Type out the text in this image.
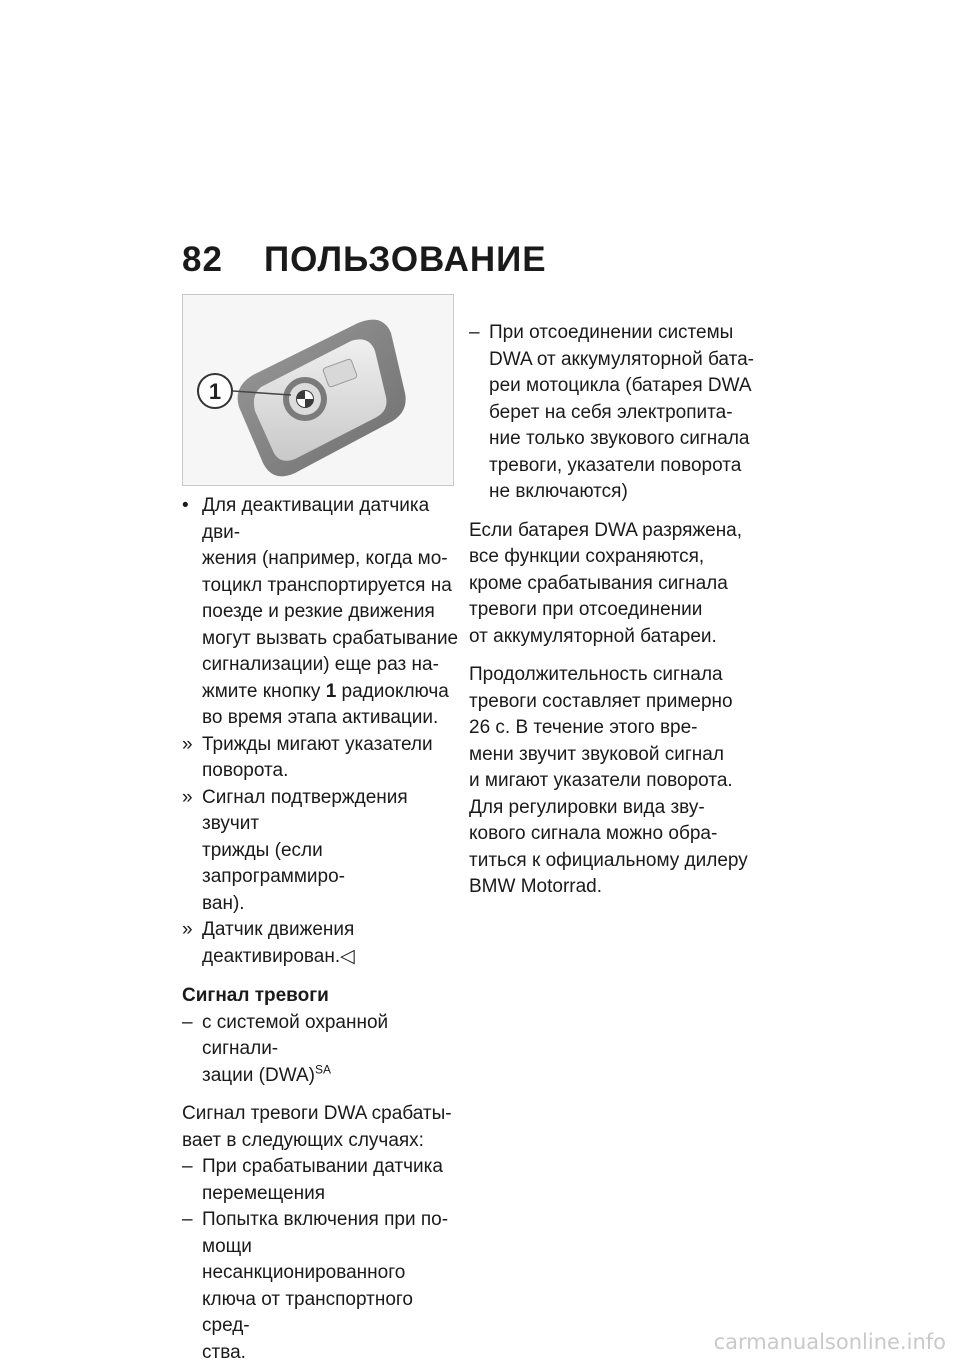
82 ПОЛЬЗОВАНИЕ
1
• Для деактивации датчика дви-
жения (например, когда мо-
тоцикл транспортируется на
поезде и резкие движения
могут вызвать срабатывание
сигнализации) еще раз на-
жмите кнопку 1 радиоключа
во время этапа активации.
» Трижды мигают указатели
поворота.
» Сигнал подтверждения звучит
трижды (если запрограммиро-
ван).
» Датчик движения
деактивирован.◁
Сигнал тревоги
– с системой охранной сигнали-
зации (DWA)$^{SA}$
Сигнал тревоги DWA срабаты-
вает в следующих случаях:
– При срабатывании датчика
перемещения
– Попытка включения при по-
мощи несанкционированного
ключа от транспортного сред-
ства.
– При отсоединении системы
DWA от аккумуляторной бата-
реи мотоцикла (батарея DWA
берет на себя электропита-
ние только звукового сигнала
тревоги, указатели поворота
не включаются)
Если батарея DWA разряжена,
все функции сохраняются,
кроме срабатывания сигнала
тревоги при отсоединении
от аккумуляторной батареи.
Продолжительность сигнала
тревоги составляет примерно
26 с. В течение этого вре-
мени звучит звуковой сигнал
и мигают указатели поворота.
Для регулировки вида зву-
кового сигнала можно обра-
титься к официальному дилеру
BMW Motorrad.
carmanualsonline.info
